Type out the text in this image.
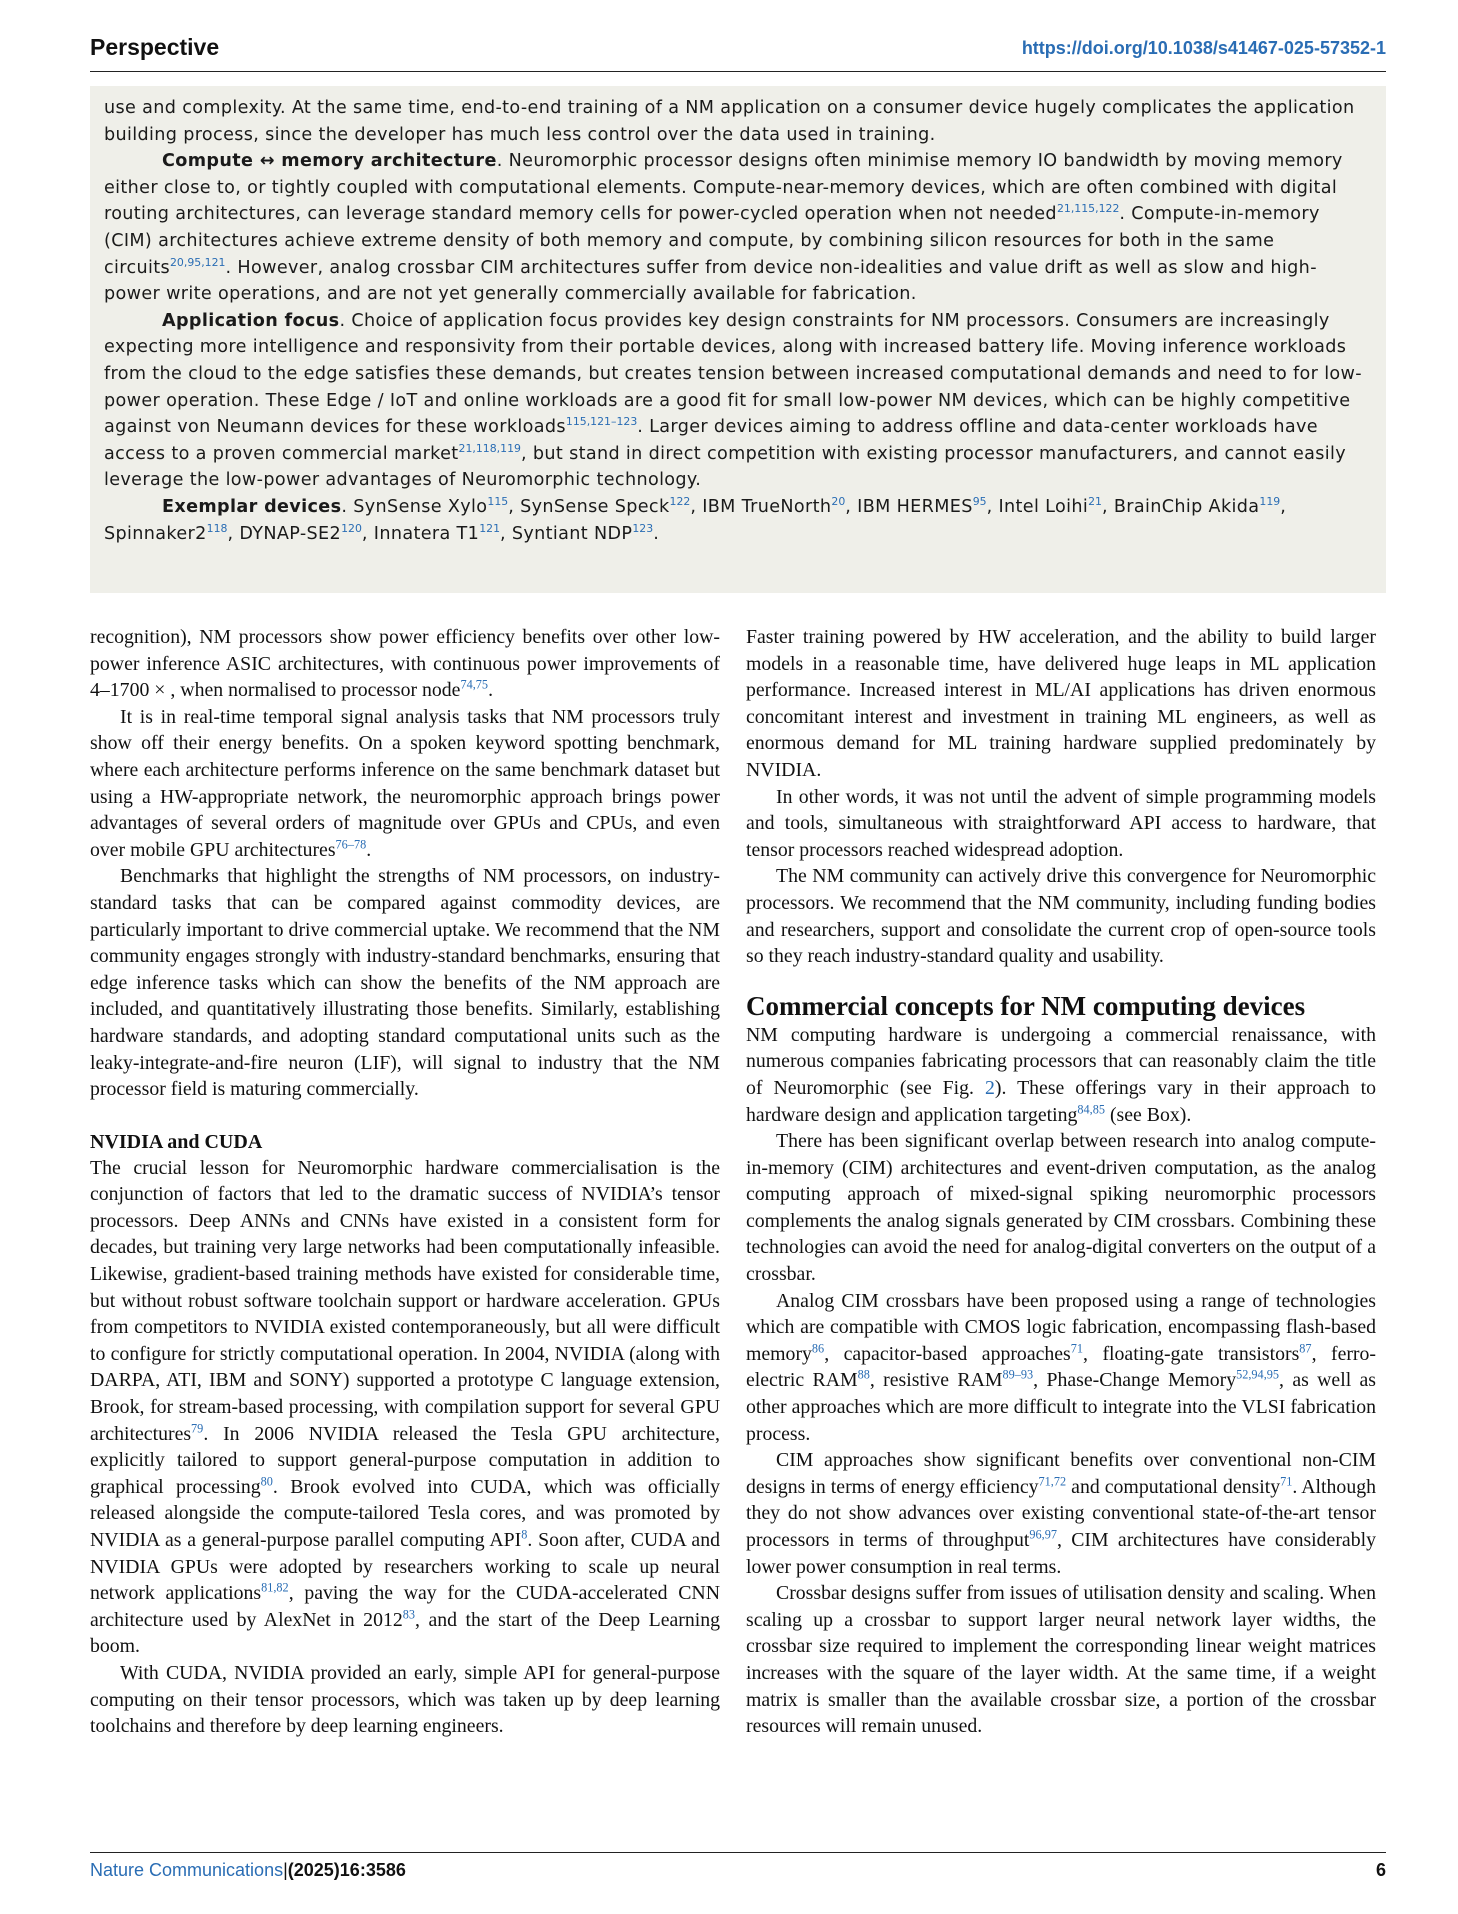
Perspective	https://doi.org/10.1038/s41467-025-57352-1

use and complexity. At the same time, end-to-end training of a NM application on a consumer device hugely complicates the application building process, since the developer has much less control over the data used in training.

Compute ↔ memory architecture. Neuromorphic processor designs often minimise memory IO bandwidth by moving memory either close to, or tightly coupled with computational elements. Compute-near-memory devices, which are often combined with digital routing architectures, can leverage standard memory cells for power-cycled operation when not needed$^{21,115,122}$. Compute-in-memory (CIM) architectures achieve extreme density of both memory and compute, by combining silicon resources for both in the same circuits$^{20,95,121}$. However, analog crossbar CIM architectures suffer from device non-idealities and value drift as well as slow and high-power write operations, and are not yet generally commercially available for fabrication.

Application focus. Choice of application focus provides key design constraints for NM processors. Consumers are increasingly expecting more intelligence and responsivity from their portable devices, along with increased battery life. Moving inference workloads from the cloud to the edge satisfies these demands, but creates tension between increased computational demands and need to for low-power operation. These Edge / IoT and online workloads are a good fit for small low-power NM devices, which can be highly competitive against von Neumann devices for these workloads$^{115,121-123}$. Larger devices aiming to address offline and data-center workloads have access to a proven commercial market$^{21,118,119}$, but stand in direct competition with existing processor manufacturers, and cannot easily leverage the low-power advantages of Neuromorphic technology.

Exemplar devices. SynSense Xylo$^{115}$, SynSense Speck$^{122}$, IBM TrueNorth$^{20}$, IBM HERMES$^{95}$, Intel Loihi$^{21}$, BrainChip Akida$^{119}$, Spinnaker2$^{118}$, DYNAP-SE2$^{120}$, Innatera T1$^{121}$, Syntiant NDP$^{123}$.

recognition), NM processors show power efficiency benefits over other low-power inference ASIC architectures, with continuous power improvements of 4–1700 × , when normalised to processor node$^{74,75}$.

It is in real-time temporal signal analysis tasks that NM processors truly show off their energy benefits. On a spoken keyword spotting benchmark, where each architecture performs inference on the same benchmark dataset but using a HW-appropriate network, the neuromorphic approach brings power advantages of several orders of magnitude over GPUs and CPUs, and even over mobile GPU architectures$^{76-78}$.

Benchmarks that highlight the strengths of NM processors, on industry-standard tasks that can be compared against commodity devices, are particularly important to drive commercial uptake. We recommend that the NM community engages strongly with industry-standard benchmarks, ensuring that edge inference tasks which can show the benefits of the NM approach are included, and quantitatively illustrating those benefits. Similarly, establishing hardware standards, and adopting standard computational units such as the leaky-integrate-and-fire neuron (LIF), will signal to industry that the NM processor field is maturing commercially.

NVIDIA and CUDA

The crucial lesson for Neuromorphic hardware commercialisation is the conjunction of factors that led to the dramatic success of NVIDIA’s tensor processors. Deep ANNs and CNNs have existed in a consistent form for decades, but training very large networks had been computationally infeasible. Likewise, gradient-based training methods have existed for considerable time, but without robust software toolchain support or hardware acceleration. GPUs from competitors to NVIDIA existed contemporaneously, but all were difficult to configure for strictly computational operation. In 2004, NVIDIA (along with DARPA, ATI, IBM and SONY) supported a prototype C language extension, Brook, for stream-based processing, with compilation support for several GPU architectures$^{79}$. In 2006 NVIDIA released the Tesla GPU architecture, explicitly tailored to support general-purpose computation in addition to graphical processing$^{80}$. Brook evolved into CUDA, which was officially released alongside the compute-tailored Tesla cores, and was promoted by NVIDIA as a general-purpose parallel computing API$^8$. Soon after, CUDA and NVIDIA GPUs were adopted by researchers working to scale up neural network applications$^{81,82}$, paving the way for the CUDA-accelerated CNN architecture used by AlexNet in 2012$^{83}$, and the start of the Deep Learning boom.

With CUDA, NVIDIA provided an early, simple API for general-purpose computing on their tensor processors, which was taken up by deep learning toolchains and therefore by deep learning engineers.

Faster training powered by HW acceleration, and the ability to build larger models in a reasonable time, have delivered huge leaps in ML application performance. Increased interest in ML/AI applications has driven enormous concomitant interest and investment in training ML engineers, as well as enormous demand for ML training hardware supplied predominately by NVIDIA.

In other words, it was not until the advent of simple programming models and tools, simultaneous with straightforward API access to hardware, that tensor processors reached widespread adoption.

The NM community can actively drive this convergence for Neuromorphic processors. We recommend that the NM community, including funding bodies and researchers, support and consolidate the current crop of open-source tools so they reach industry-standard quality and usability.

Commercial concepts for NM computing devices

NM computing hardware is undergoing a commercial renaissance, with numerous companies fabricating processors that can reasonably claim the title of Neuromorphic (see Fig. 2). These offerings vary in their approach to hardware design and application targeting$^{84,85}$ (see Box).

There has been significant overlap between research into analog compute-in-memory (CIM) architectures and event-driven computation, as the analog computing approach of mixed-signal spiking neuromorphic processors complements the analog signals generated by CIM crossbars. Combining these technologies can avoid the need for analog-digital converters on the output of a crossbar.

Analog CIM crossbars have been proposed using a range of technologies which are compatible with CMOS logic fabrication, encompassing flash-based memory$^{86}$, capacitor-based approaches$^{71}$, floating-gate transistors$^{87}$, ferro-electric RAM$^{88}$, resistive RAM$^{89-93}$, Phase-Change Memory$^{52,94,95}$, as well as other approaches which are more difficult to integrate into the VLSI fabrication process.

CIM approaches show significant benefits over conventional non-CIM designs in terms of energy efficiency$^{71,72}$ and computational density$^{71}$. Although they do not show advances over existing conventional state-of-the-art tensor processors in terms of throughput$^{96,97}$, CIM architectures have considerably lower power consumption in real terms.

Crossbar designs suffer from issues of utilisation density and scaling. When scaling up a crossbar to support larger neural network layer widths, the crossbar size required to implement the corresponding linear weight matrices increases with the square of the layer width. At the same time, if a weight matrix is smaller than the available crossbar size, a portion of the crossbar resources will remain unused.

Nature Communications|(2025)16:3586	6
